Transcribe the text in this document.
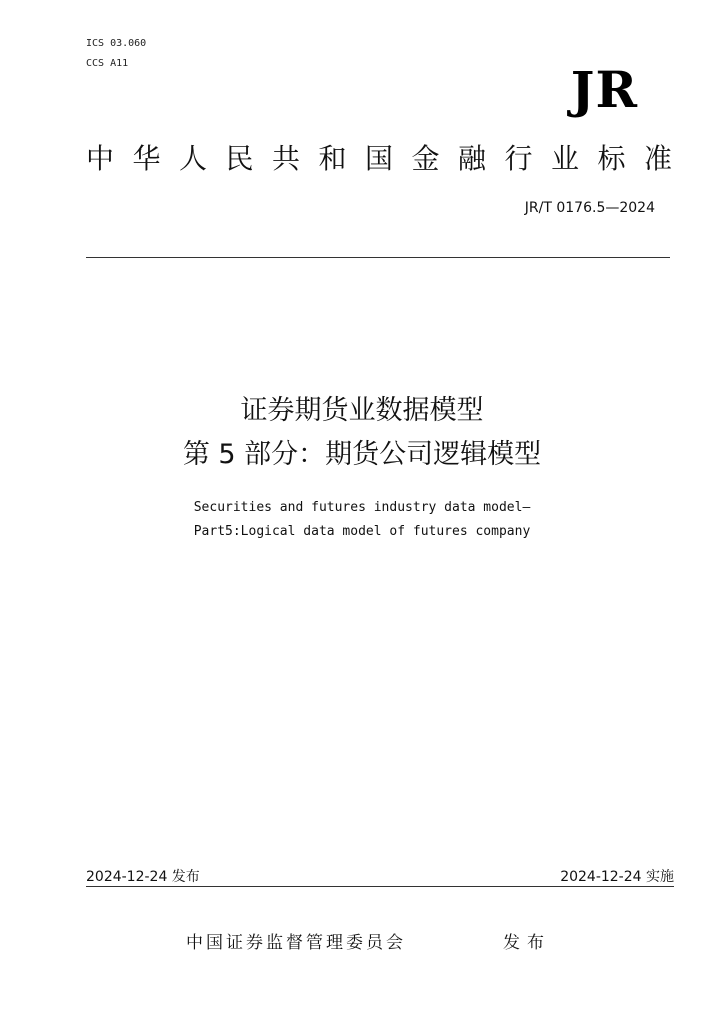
ICS 03.060
CCS A11	JR
中华人民共和国金融行业标准
JR/T 0176.5—2024
证券期货业数据模型
第 5 部分：期货公司逻辑模型
Securities and futures industry data model—
Part5:Logical data model of futures company
2024-12-24 发布	2024-12-24 实施
中国证券监督管理委员会	发布
